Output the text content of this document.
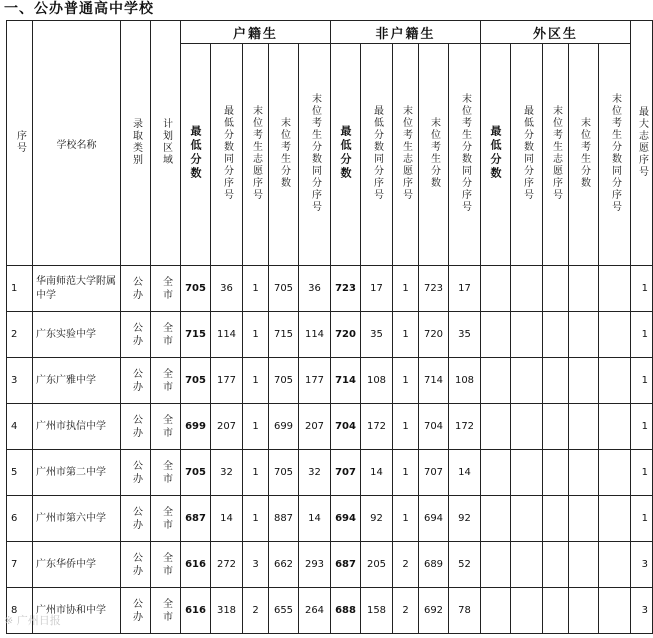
一、公办普通高中学校
序号	学校名称	录取类别	计划区域	户籍生					非户籍生					外区生					最大志愿序号
				最低分数	最低分数同分序号	末位考生志愿序号	末位考生分数	末位考生分数同分序号	最低分数	最低分数同分序号	末位考生志愿序号	末位考生分数	末位考生分数同分序号	最低分数	最低分数同分序号	末位考生志愿序号	末位考生分数	末位考生分数同分序号	
1	华南师范大学附属中学	公办	全市	705	36	1	705	36	723	17	1	723	17						1
2	广东实验中学	公办	全市	715	114	1	715	114	720	35	1	720	35						1
3	广东广雅中学	公办	全市	705	177	1	705	177	714	108	1	714	108						1
4	广州市执信中学	公办	全市	699	207	1	699	207	704	172	1	704	172						1
5	广州市第二中学	公办	全市	705	32	1	705	32	707	14	1	707	14						1
6	广州市第六中学	公办	全市	687	14	1	887	14	694	92	1	694	92						1
7	广东华侨中学	公办	全市	616	272	3	662	293	687	205	2	689	52						3
8	广州市协和中学	公办	全市	616	318	2	655	264	688	158	2	692	78						3
※ 广州日报
